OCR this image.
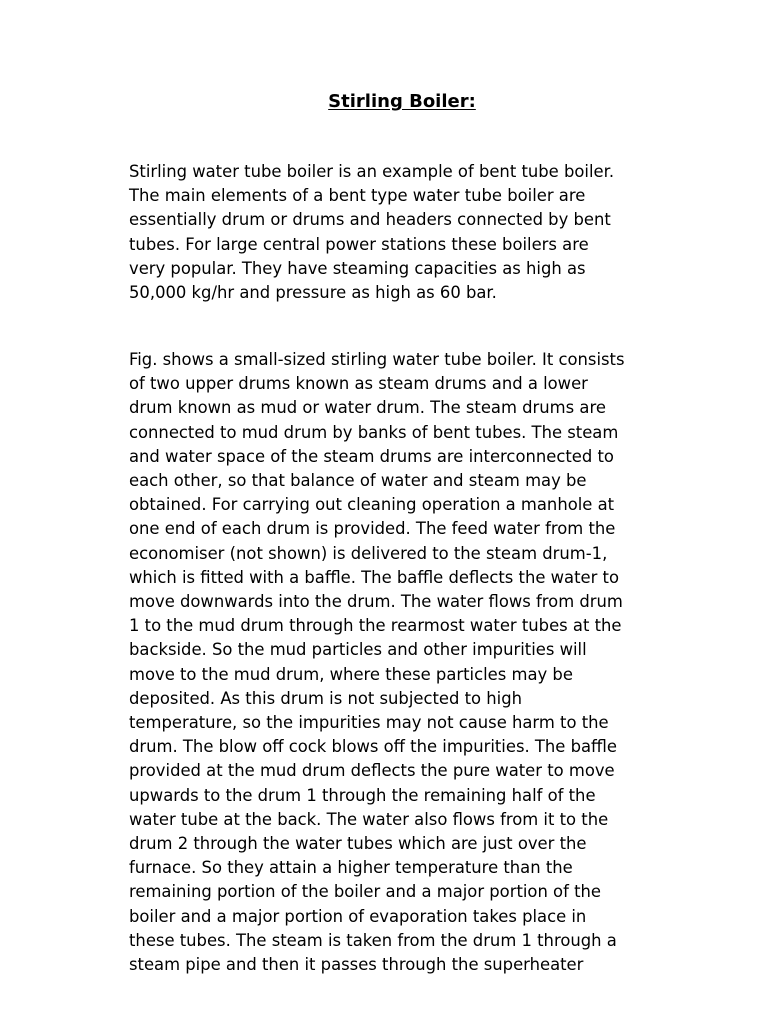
Stirling Boiler:

Stirling water tube boiler is an example of bent tube boiler.
The main elements of a bent type water tube boiler are
essentially drum or drums and headers connected by bent
tubes. For large central power stations these boilers are
very popular. They have steaming capacities as high as
50,000 kg/hr and pressure as high as 60 bar.

Fig. shows a small-sized stirling water tube boiler. It consists
of two upper drums known as steam drums and a lower
drum known as mud or water drum. The steam drums are
connected to mud drum by banks of bent tubes. The steam
and water space of the steam drums are interconnected to
each other, so that balance of water and steam may be
obtained. For carrying out cleaning operation a manhole at
one end of each drum is provided. The feed water from the
economiser (not shown) is delivered to the steam drum-1,
which is fitted with a baffle. The baffle deflects the water to
move downwards into the drum. The water flows from drum
1 to the mud drum through the rearmost water tubes at the
backside. So the mud particles and other impurities will
move to the mud drum, where these particles may be
deposited. As this drum is not subjected to high
temperature, so the impurities may not cause harm to the
drum. The blow off cock blows off the impurities. The baffle
provided at the mud drum deflects the pure water to move
upwards to the drum 1 through the remaining half of the
water tube at the back. The water also flows from it to the
drum 2 through the water tubes which are just over the
furnace. So they attain a higher temperature than the
remaining portion of the boiler and a major portion of the
boiler and a major portion of evaporation takes place in
these tubes. The steam is taken from the drum 1 through a
steam pipe and then it passes through the superheater
